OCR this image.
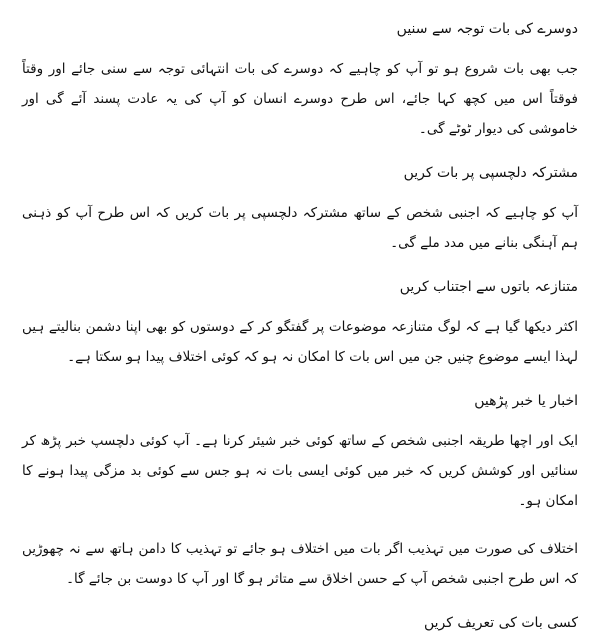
دوسرے کی بات توجہ سے سنیں

جب بھی بات شروع ہو تو آپ کو چاہیے کہ دوسرے کی بات انتہائی توجہ سے سنی جائے اور وقتاً فوقتاً اس میں کچھ کہا جائے، اس طرح دوسرے انسان کو آپ کی یہ عادت پسند آئے گی اور خاموشی کی دیوار ٹوٹے گی۔

مشترکہ دلچسپی پر بات کریں

آپ کو چاہیے کہ اجنبی شخص کے ساتھ مشترکہ دلچسپی پر بات کریں کہ اس طرح آپ کو ذہنی ہم آہنگی بنانے میں مدد ملے گی۔

متنازعہ باتوں سے اجتناب کریں

اکثر دیکھا گیا ہے کہ لوگ متنازعہ موضوعات پر گفتگو کر کے دوستوں کو بھی اپنا دشمن بنالیتے ہیں لہذا ایسے موضوع چنیں جن میں اس بات کا امکان نہ ہو کہ کوئی اختلاف پیدا ہو سکتا ہے۔

اخبار یا خبر پڑھیں

ایک اور اچھا طریقہ اجنبی شخص کے ساتھ کوئی خبر شیئر کرنا ہے۔ آپ کوئی دلچسپ خبر پڑھ کر سنائیں اور کوشش کریں کہ خبر میں کوئی ایسی بات نہ ہو جس سے کوئی بد مزگی پیدا ہونے کا امکان ہو۔

اختلاف کی صورت میں تہذیب اگر بات میں اختلاف ہو جائے تو تہذیب کا دامن ہاتھ سے نہ چھوڑیں کہ اس طرح اجنبی شخص آپ کے حسن اخلاق سے متاثر ہو گا اور آپ کا دوست بن جائے گا۔

کسی بات کی تعریف کریں
